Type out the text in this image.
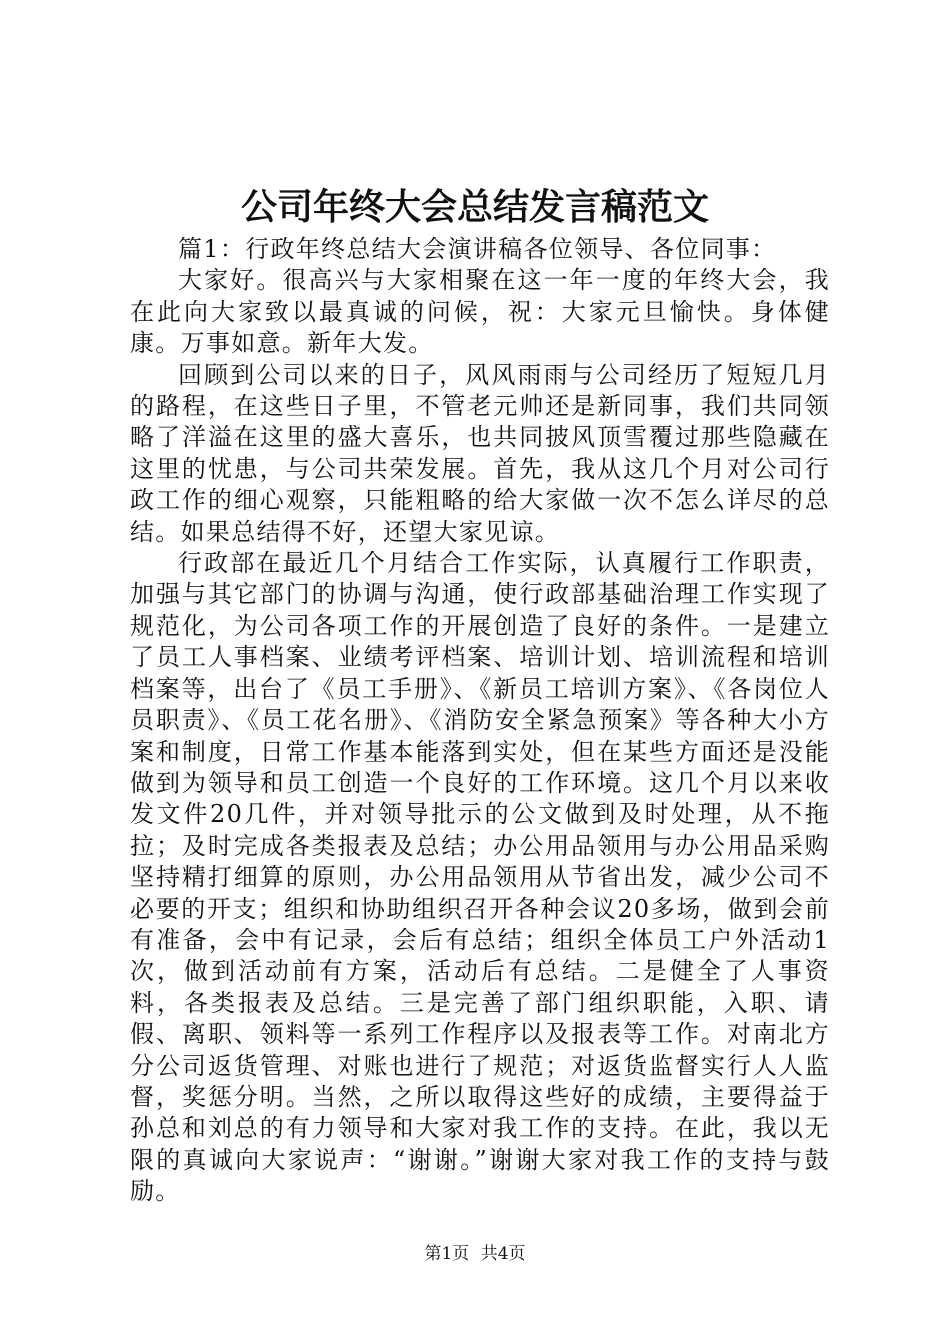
公司年终大会总结发言稿范文

篇1：行政年终总结大会演讲稿各位领导、各位同事：

大家好。很高兴与大家相聚在这一年一度的年终大会，我在此向大家致以最真诚的问候，祝：大家元旦愉快。身体健康。万事如意。新年大发。

回顾到公司以来的日子，风风雨雨与公司经历了短短几月的路程，在这些日子里，不管老元帅还是新同事，我们共同领略了洋溢在这里的盛大喜乐，也共同披风顶雪覆过那些隐藏在这里的忧患，与公司共荣发展。首先，我从这几个月对公司行政工作的细心观察，只能粗略的给大家做一次不怎么详尽的总结。如果总结得不好，还望大家见谅。

行政部在最近几个月结合工作实际，认真履行工作职责，加强与其它部门的协调与沟通，使行政部基础治理工作实现了规范化，为公司各项工作的开展创造了良好的条件。一是建立了员工人事档案、业绩考评档案、培训计划、培训流程和培训档案等，出台了《员工手册》、《新员工培训方案》、《各岗位人员职责》、《员工花名册》、《消防安全紧急预案》等各种大小方案和制度，日常工作基本能落到实处，但在某些方面还是没能做到为领导和员工创造一个良好的工作环境。这几个月以来收发文件20几件，并对领导批示的公文做到及时处理，从不拖拉；及时完成各类报表及总结；办公用品领用与办公用品采购坚持精打细算的原则，办公用品领用从节省出发，减少公司不必要的开支；组织和协助组织召开各种会议20多场，做到会前有准备，会中有记录，会后有总结；组织全体员工户外活动1次，做到活动前有方案，活动后有总结。二是健全了人事资料，各类报表及总结。三是完善了部门组织职能，入职、请假、离职、领料等一系列工作程序以及报表等工作。对南北方分公司返货管理、对账也进行了规范；对返货监督实行人人监督，奖惩分明。当然，之所以取得这些好的成绩，主要得益于孙总和刘总的有力领导和大家对我工作的支持。在此，我以无限的真诚向大家说声：“谢谢。”谢谢大家对我工作的支持与鼓励。

第1页 共4页
